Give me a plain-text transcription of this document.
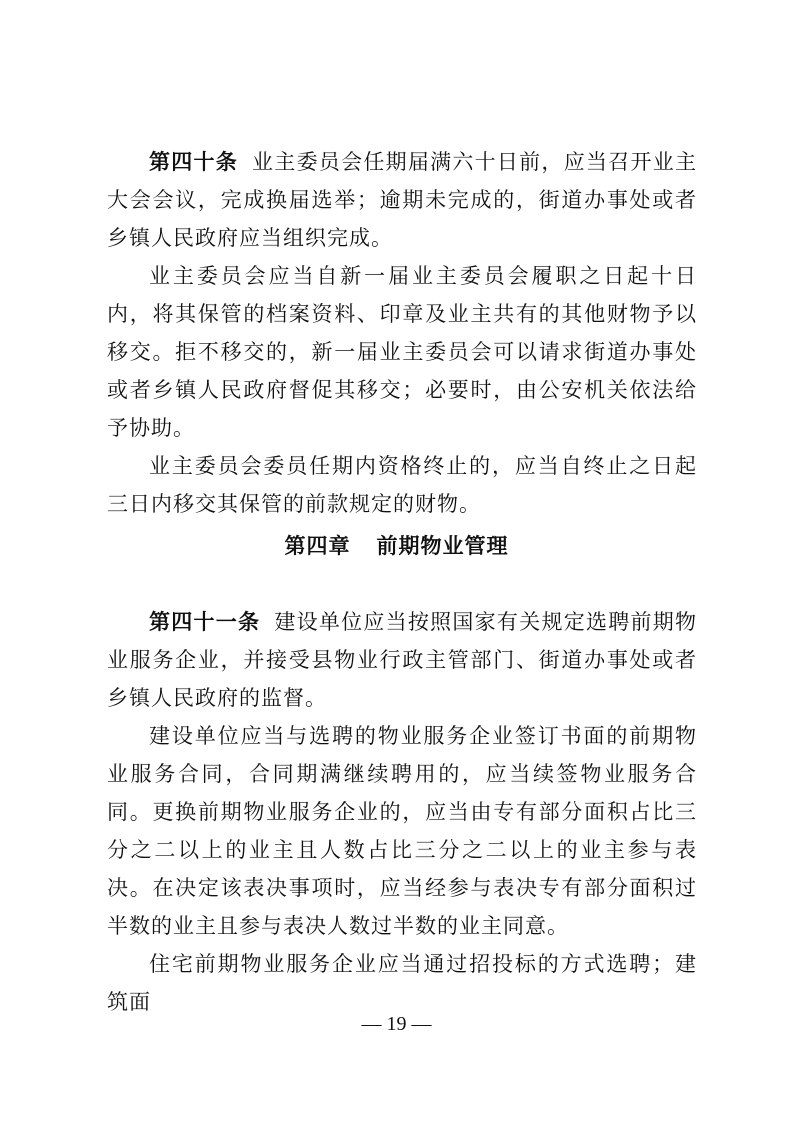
第四十条 业主委员会任期届满六十日前，应当召开业主大会会议，完成换届选举；逾期未完成的，街道办事处或者乡镇人民政府应当组织完成。

业主委员会应当自新一届业主委员会履职之日起十日内，将其保管的档案资料、印章及业主共有的其他财物予以移交。拒不移交的，新一届业主委员会可以请求街道办事处或者乡镇人民政府督促其移交；必要时，由公安机关依法给予协助。

业主委员会委员任期内资格终止的，应当自终止之日起三日内移交其保管的前款规定的财物。

第四章 前期物业管理

第四十一条 建设单位应当按照国家有关规定选聘前期物业服务企业，并接受县物业行政主管部门、街道办事处或者乡镇人民政府的监督。

建设单位应当与选聘的物业服务企业签订书面的前期物业服务合同，合同期满继续聘用的，应当续签物业服务合同。更换前期物业服务企业的，应当由专有部分面积占比三分之二以上的业主且人数占比三分之二以上的业主参与表决。在决定该表决事项时，应当经参与表决专有部分面积过半数的业主且参与表决人数过半数的业主同意。

住宅前期物业服务企业应当通过招投标的方式选聘；建筑面

— 19 —
